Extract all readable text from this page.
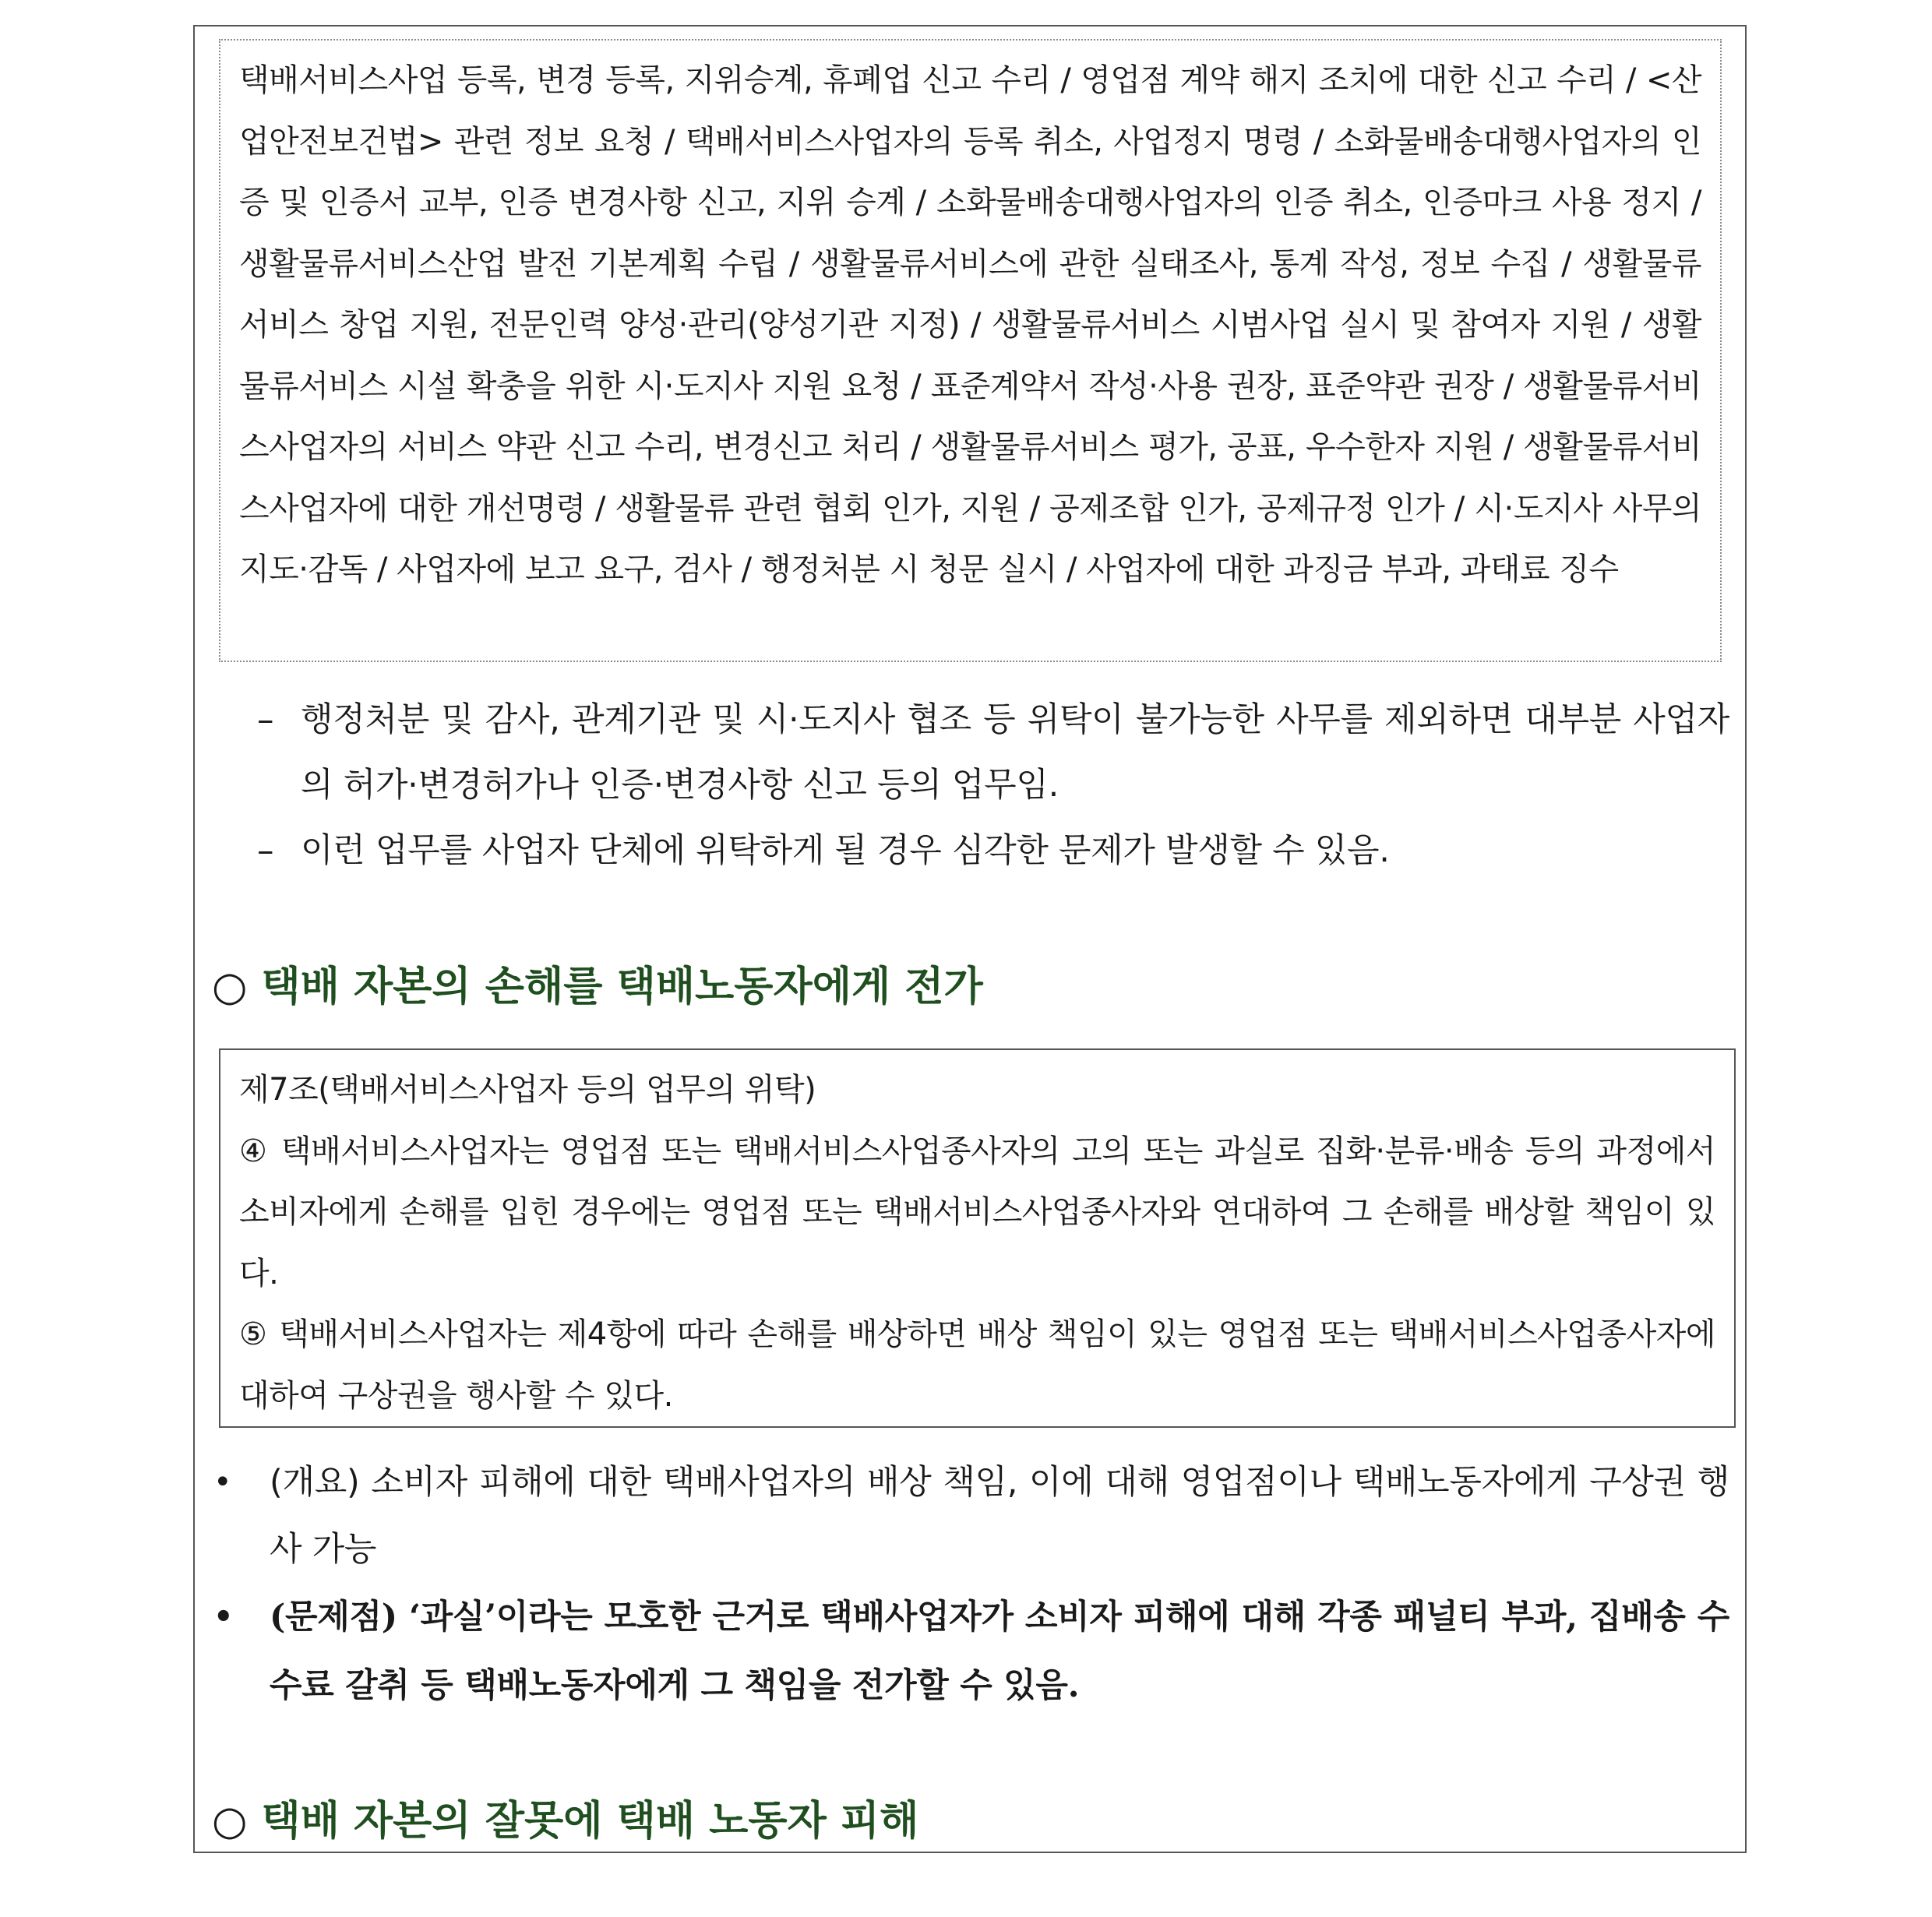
택배서비스사업 등록, 변경 등록, 지위승계, 휴폐업 신고 수리 / 영업점 계약 해지 조치에 대한 신고 수리 / <산업안전보건법> 관련 정보 요청 / 택배서비스사업자의 등록 취소, 사업정지 명령 / 소화물배송대행사업자의 인증 및 인증서 교부, 인증 변경사항 신고, 지위 승계 / 소화물배송대행사업자의 인증 취소, 인증마크 사용 정지 / 생활물류서비스산업 발전 기본계획 수립 / 생활물류서비스에 관한 실태조사, 통계 작성, 정보 수집 / 생활물류서비스 창업 지원, 전문인력 양성·관리(양성기관 지정) / 생활물류서비스 시범사업 실시 및 참여자 지원 / 생활물류서비스 시설 확충을 위한 시·도지사 지원 요청 / 표준계약서 작성·사용 권장, 표준약관 권장 / 생활물류서비스사업자의 서비스 약관 신고 수리, 변경신고 처리 / 생활물류서비스 평가, 공표, 우수한자 지원 / 생활물류서비스사업자에 대한 개선명령 / 생활물류 관련 협회 인가, 지원 / 공제조합 인가, 공제규정 인가 / 시·도지사 사무의 지도·감독 / 사업자에 보고 요구, 검사 / 행정처분 시 청문 실시 / 사업자에 대한 과징금 부과, 과태료 징수

– 행정처분 및 감사, 관계기관 및 시·도지사 협조 등 위탁이 불가능한 사무를 제외하면 대부분 사업자의 허가·변경허가나 인증·변경사항 신고 등의 업무임.
– 이런 업무를 사업자 단체에 위탁하게 될 경우 심각한 문제가 발생할 수 있음.
○ 택배 자본의 손해를 택배노동자에게 전가

제7조(택배서비스사업자 등의 업무의 위탁)

④ 택배서비스사업자는 영업점 또는 택배서비스사업종사자의 고의 또는 과실로 집화·분류·배송 등의 과정에서 소비자에게 손해를 입힌 경우에는 영업점 또는 택배서비스사업종사자와 연대하여 그 손해를 배상할 책임이 있다.

⑤ 택배서비스사업자는 제4항에 따라 손해를 배상하면 배상 책임이 있는 영업점 또는 택배서비스사업종사자에 대하여 구상권을 행사할 수 있다.

• (개요) 소비자 피해에 대한 택배사업자의 배상 책임, 이에 대해 영업점이나 택배노동자에게 구상권 행사 가능
• (문제점) ‘과실’이라는 모호한 근거로 택배사업자가 소비자 피해에 대해 각종 패널티 부과, 집배송 수수료 갈취 등 택배노동자에게 그 책임을 전가할 수 있음.
○ 택배 자본의 잘못에 택배 노동자 피해
